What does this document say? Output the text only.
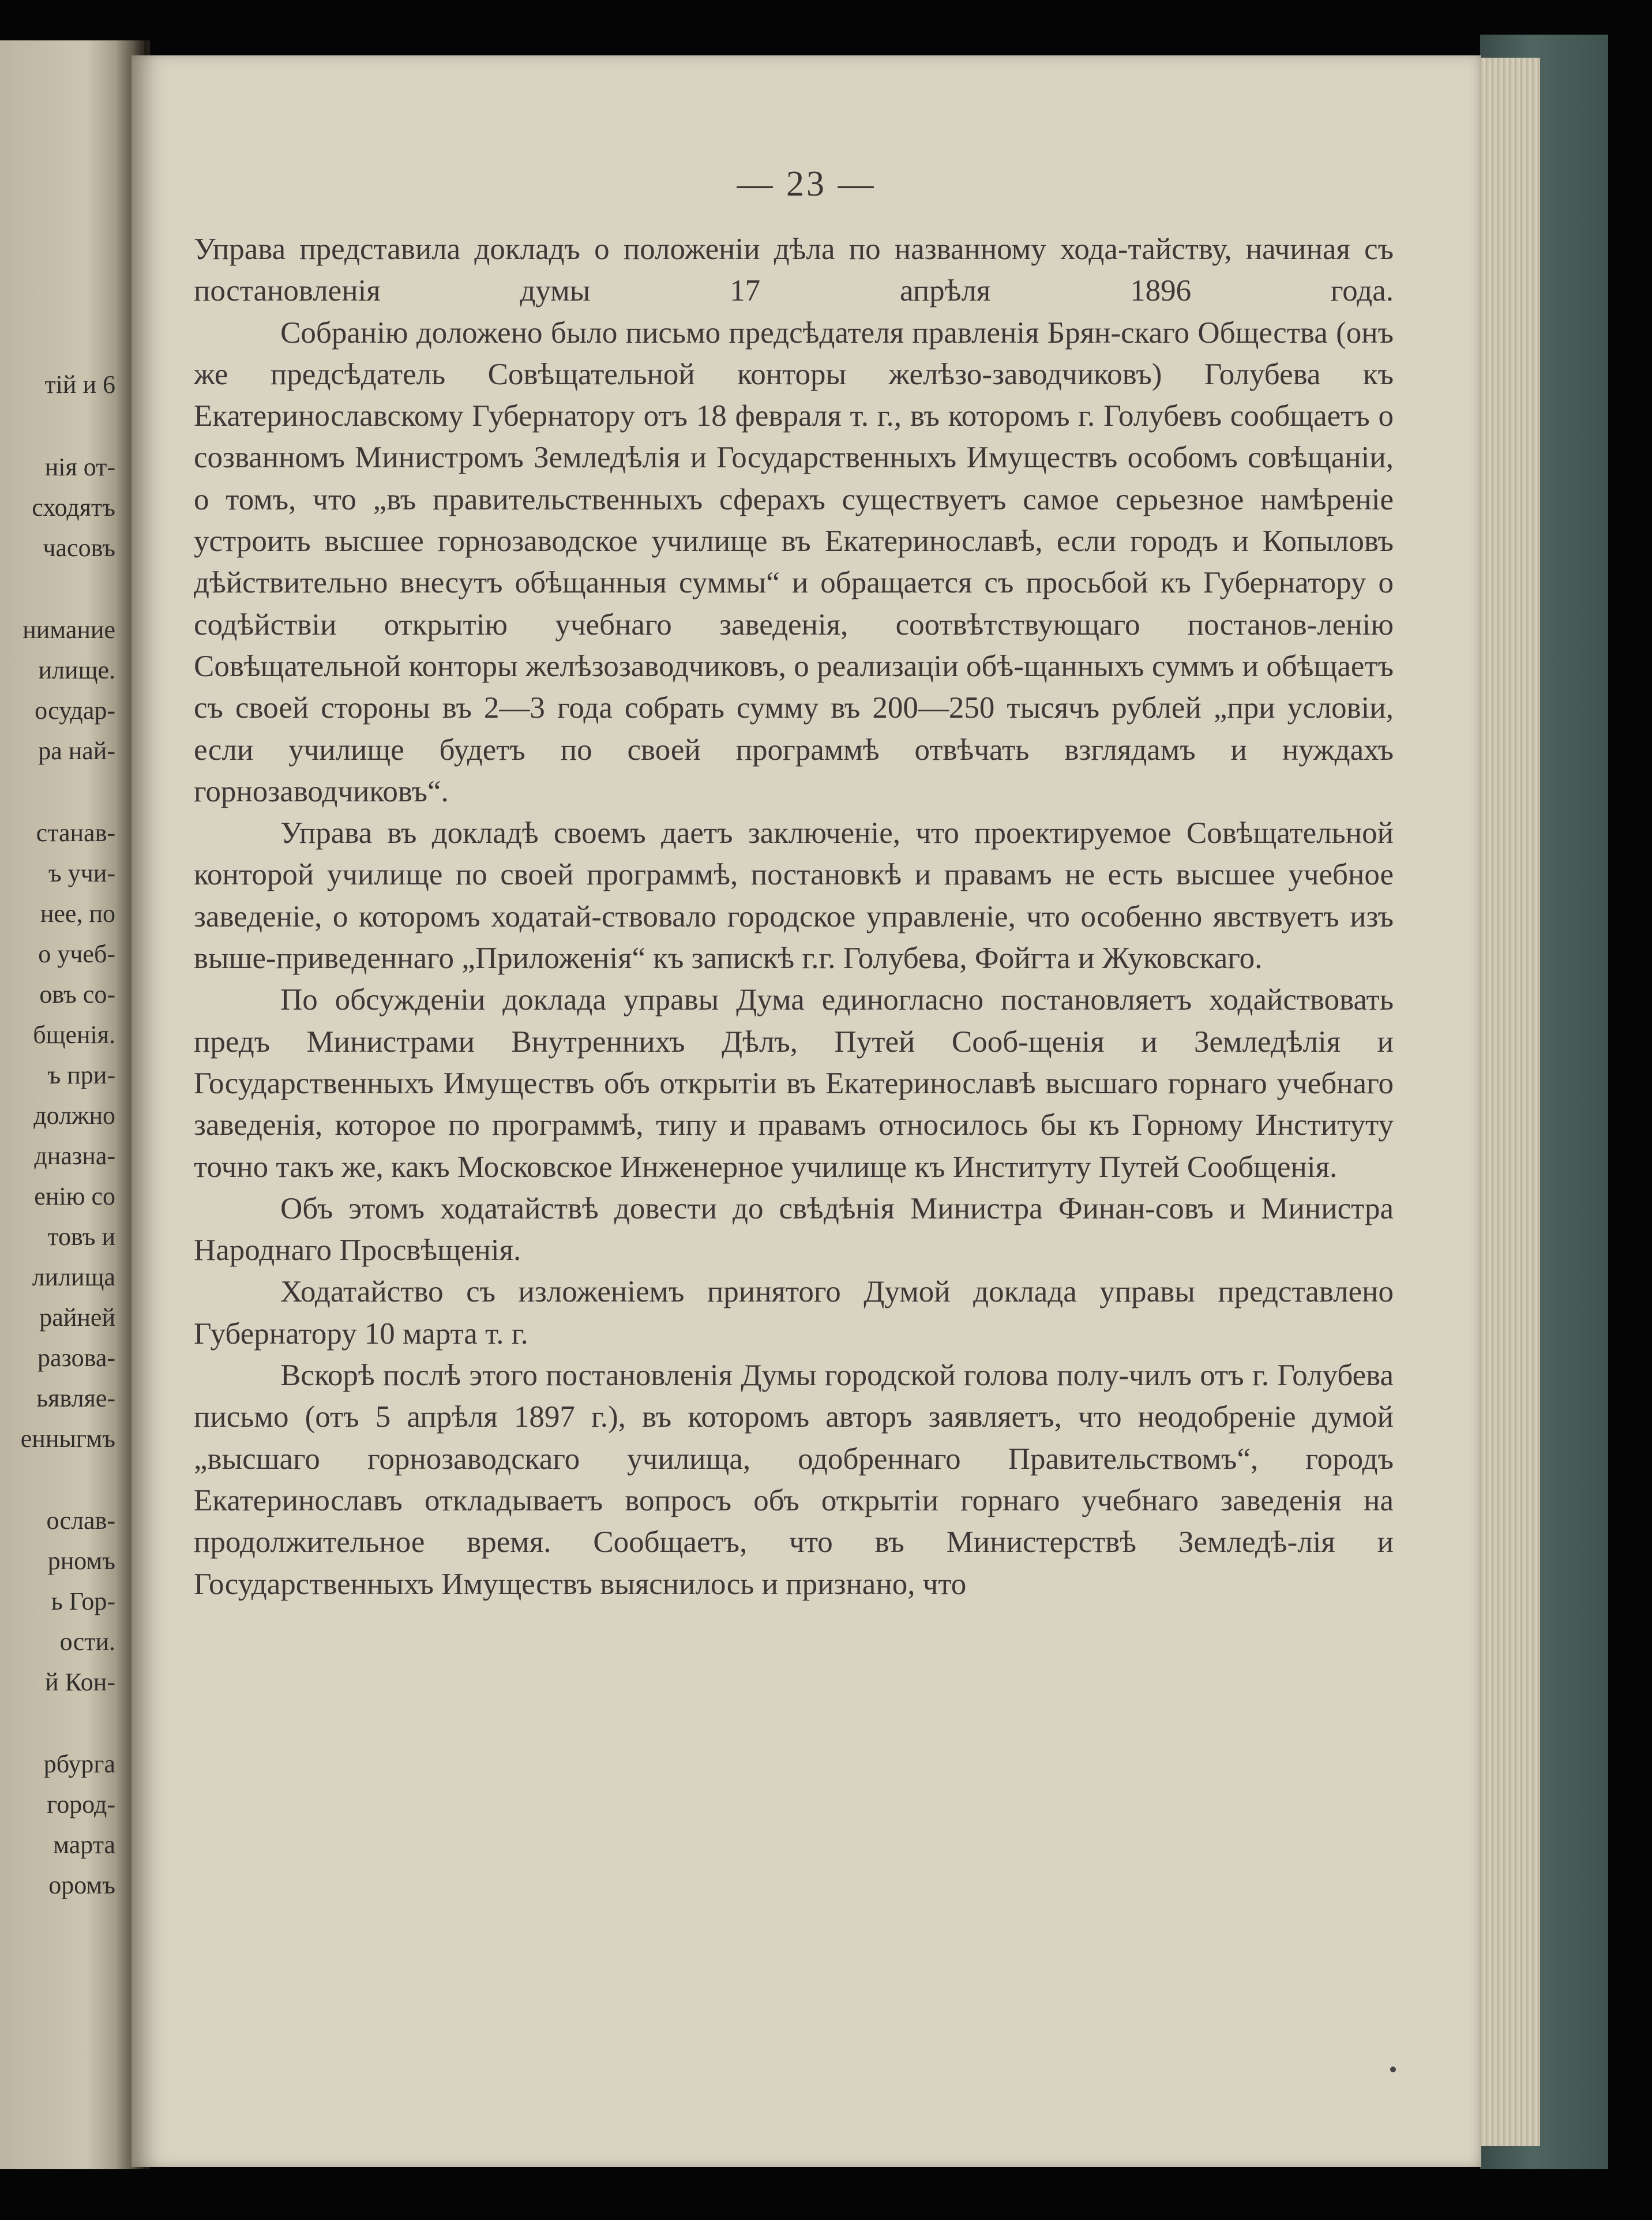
тiй и 6
нiя от-
сходятъ
часовъ
нимание
илище.
осудар-
ра най-
станав-
ъ учи-
нее, по
о учеб-
овъ со-
бщенiя.
ъ при-
должно
дназна-
енiю со
товъ и
лилища
райней
разова-
ьявляе-
енныгмъ
ослав-
рномъ
ь Гор-
ости.
й Кон-
рбурга
город-
марта
оромъ
— 23 —

Управа представила докладъ о положенiи дѣла по названному хода-тайству, начиная съ постановленiя думы 17 апрѣля 1896 года.

Собранiю доложено было письмо предсѣдателя правленiя Брян-скаго Общества (онъ же предсѣдатель Совѣщательной конторы желѣзо-заводчиковъ) Голубева къ Екатеринославскому Губернатору отъ 18 февраля т. г., въ которомъ г. Голубевъ сообщаетъ о созванномъ Министромъ Земледѣлiя и Государственныхъ Имуществъ особомъ совѣщанiи, о томъ, что „въ правительственныхъ сферахъ существуетъ самое серьезное намѣренiе устроить высшее горнозаводское училище въ Екатеринославѣ, если городъ и Копыловъ дѣйствительно внесутъ обѣщанныя суммы“ и обращается съ просьбой къ Губернатору о содѣйствiи открытiю учебнаго заведенiя, соотвѣтствующаго постанов-ленiю Совѣщательной конторы желѣзозаводчиковъ, о реализацiи обѣ-щанныхъ суммъ и обѣщаетъ съ своей стороны въ 2—3 года собрать сумму въ 200—250 тысячъ рублей „при условiи, если училище будетъ по своей программѣ отвѣчать взглядамъ и нуждахъ горнозаводчиковъ“.

Управа въ докладѣ своемъ даетъ заключенiе, что проектируемое Совѣщательной конторой училище по своей программѣ, постановкѣ и правамъ не есть высшее учебное заведенiе, о которомъ ходатай-ствовало городское управленiе, что особенно явствуетъ изъ выше-приведеннаго „Приложенiя“ къ запискѣ г.г. Голубева, Фойгта и Жуковскаго.

По обсужденiи доклада управы Дума единогласно постановляетъ ходайствовать предъ Министрами Внутреннихъ Дѣлъ, Путей Сооб-щенiя и Земледѣлiя и Государственныхъ Имуществъ объ открытiи въ Екатеринославѣ высшаго горнаго учебнаго заведенiя, которое по программѣ, типу и правамъ относилось бы къ Горному Институту точно такъ же, какъ Московское Инженерное училище къ Институту Путей Сообщенiя.

Объ этомъ ходатайствѣ довести до свѣдѣнiя Министра Финан-совъ и Министра Народнаго Просвѣщенiя.

Ходатайство съ изложенiемъ принятого Думой доклада управы представлено Губернатору 10 марта т. г.

Вскорѣ послѣ этого постановленiя Думы городской голова полу-чилъ отъ г. Голубева письмо (отъ 5 апрѣля 1897 г.), въ которомъ авторъ заявляетъ, что неодобренiе думой „высшаго горнозаводскаго училища, одобреннаго Правительствомъ“, городъ Екатеринославъ откладываетъ вопросъ объ открытiи горнаго учебнаго заведенiя на продолжительное время. Сообщаетъ, что въ Министерствѣ Земледѣ-лiя и Государственныхъ Имуществъ выяснилось и признано, что
